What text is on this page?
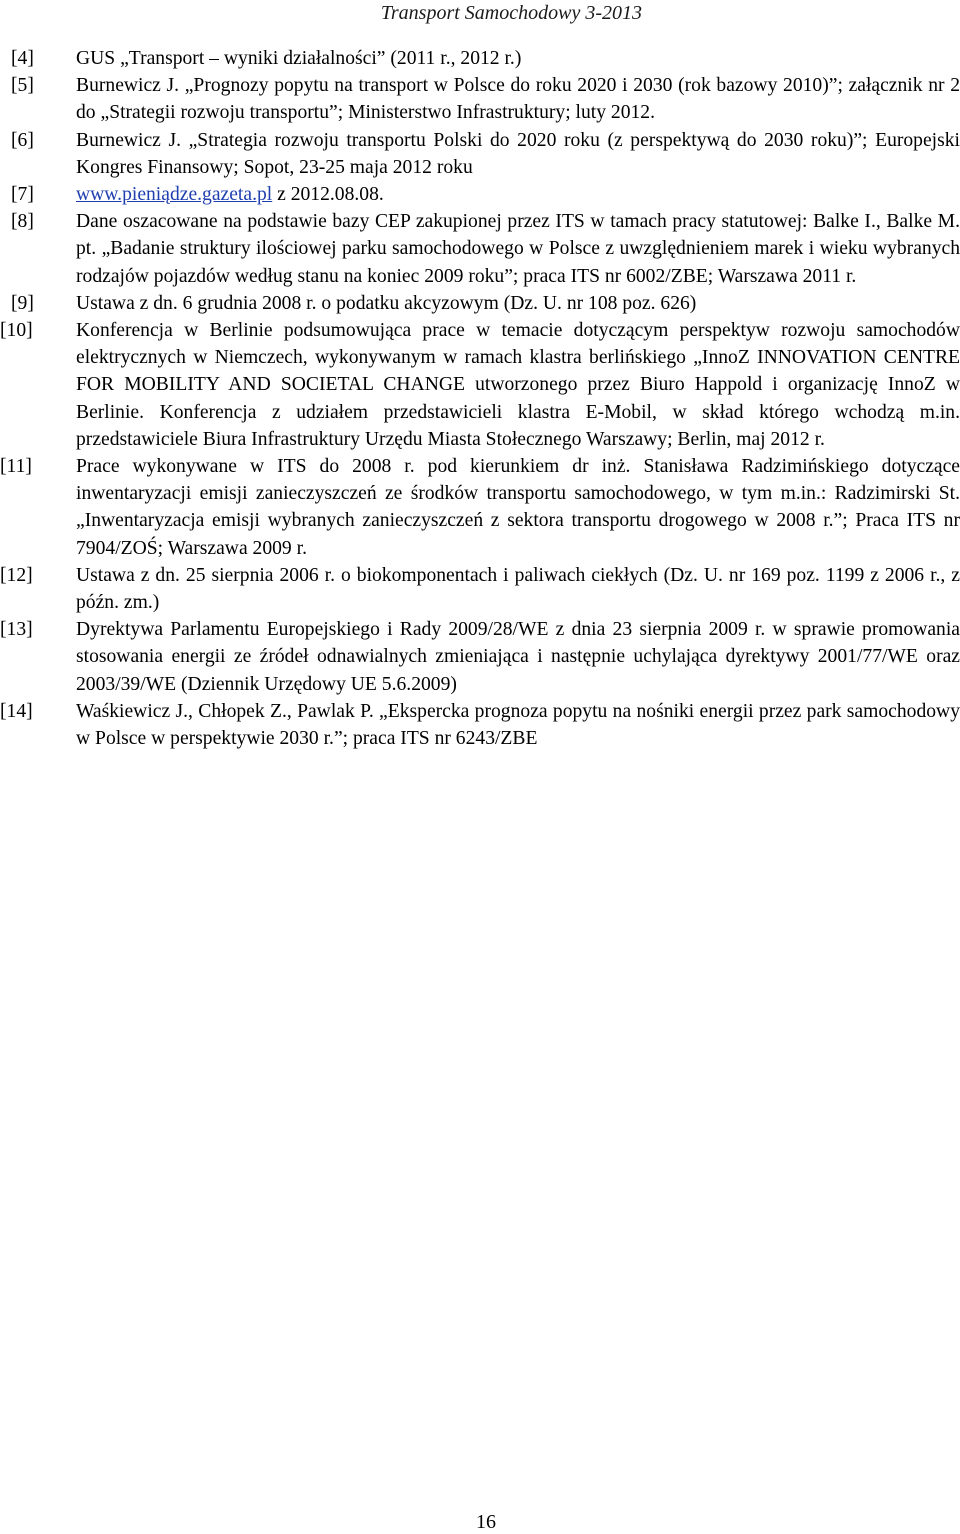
Transport Samochodowy 3-2013
[4]	GUS „Transport – wyniki działalności” (2011 r., 2012 r.)
[5]	Burnewicz J. „Prognozy popytu na transport w Polsce do roku 2020 i 2030 (rok bazowy 2010)”; załącznik nr 2 do „Strategii rozwoju transportu”; Ministerstwo Infrastruktury; luty 2012.
[6]	Burnewicz J. „Strategia rozwoju transportu Polski do 2020 roku (z perspektywą do 2030 roku)”; Europejski Kongres Finansowy; Sopot, 23-25 maja 2012 roku
[7]	www.pieniądze.gazeta.pl z 2012.08.08.
[8]	Dane oszacowane na podstawie bazy CEP zakupionej przez ITS w tamach pracy statutowej: Balke I., Balke M. pt. „Badanie struktury ilościowej parku samochodowego w Polsce z uwzględnieniem marek i wieku wybranych rodzajów pojazdów według stanu na koniec 2009 roku”; praca ITS nr 6002/ZBE; Warszawa 2011 r.
[9]	Ustawa z dn. 6 grudnia 2008 r. o podatku akcyzowym (Dz. U. nr 108 poz. 626)
[10]	Konferencja w Berlinie podsumowująca prace w temacie dotyczącym perspektyw rozwoju samochodów elektrycznych w Niemczech, wykonywanym w ramach klastra berlińskiego „InnoZ INNOVATION CENTRE FOR MOBILITY AND SOCIETAL CHANGE utworzonego przez Biuro Happold i organizację InnoZ w Berlinie. Konferencja z udziałem przedstawicieli klastra E-Mobil, w skład którego wchodzą m.in. przedstawiciele Biura Infrastruktury Urzędu Miasta Stołecznego Warszawy; Berlin, maj 2012 r.
[11]	Prace wykonywane w ITS do 2008 r. pod kierunkiem dr inż. Stanisława Radzimińskiego dotyczące inwentaryzacji emisji zanieczyszczeń ze środków transportu samochodowego, w tym m.in.: Radzimirski St. „Inwentaryzacja emisji wybranych zanieczyszczeń z sektora transportu drogowego w 2008 r.”; Praca ITS nr 7904/ZOŚ; Warszawa 2009 r.
[12]	Ustawa z dn. 25 sierpnia 2006 r. o biokomponentach i paliwach ciekłych (Dz. U. nr 169 poz. 1199 z 2006 r., z późn. zm.)
[13]	Dyrektywa Parlamentu Europejskiego i Rady 2009/28/WE z dnia 23 sierpnia 2009 r. w sprawie promowania stosowania energii ze źródeł odnawialnych zmieniająca i następnie uchylająca dyrektywy 2001/77/WE oraz 2003/39/WE (Dziennik Urzędowy UE 5.6.2009)
[14]	Waśkiewicz J., Chłopek Z., Pawlak P. „Ekspercka prognoza popytu na nośniki energii przez park samochodowy w Polsce w perspektywie 2030 r.”; praca ITS nr 6243/ZBE
16
